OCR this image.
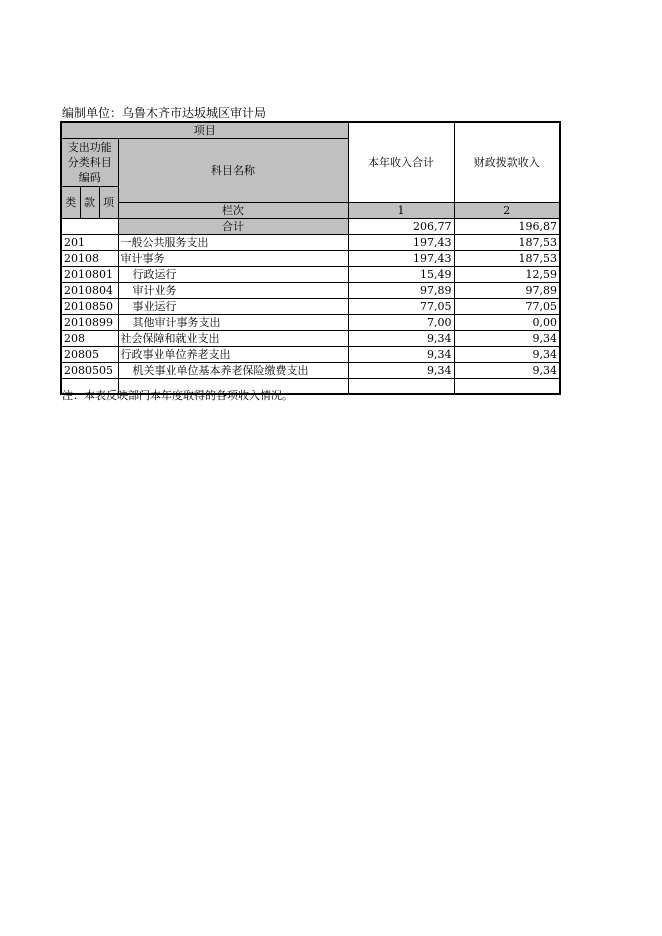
编制单位：乌鲁木齐市达坂城区审计局
项目				本年收入合计	财政拨款收入
支出功能分类科目编码			科目名称		
类	款	项			
			栏次	1	2
			合计	206,77	196,87
201			一般公共服务支出	197,43	187,53
20108			审计事务	197,43	187,53
2010801			行政运行	15,49	12,59
2010804			审计业务	97,89	97,89
2010850			事业运行	77,05	77,05
2010899			其他审计事务支出	7,00	0,00
208			社会保障和就业支出	9,34	9,34
20805			行政事业单位养老支出	9,34	9,34
2080505			机关事业单位基本养老保险缴费支出	9,34	9,34

注：本表反映部门本年度取得的各项收入情况。
